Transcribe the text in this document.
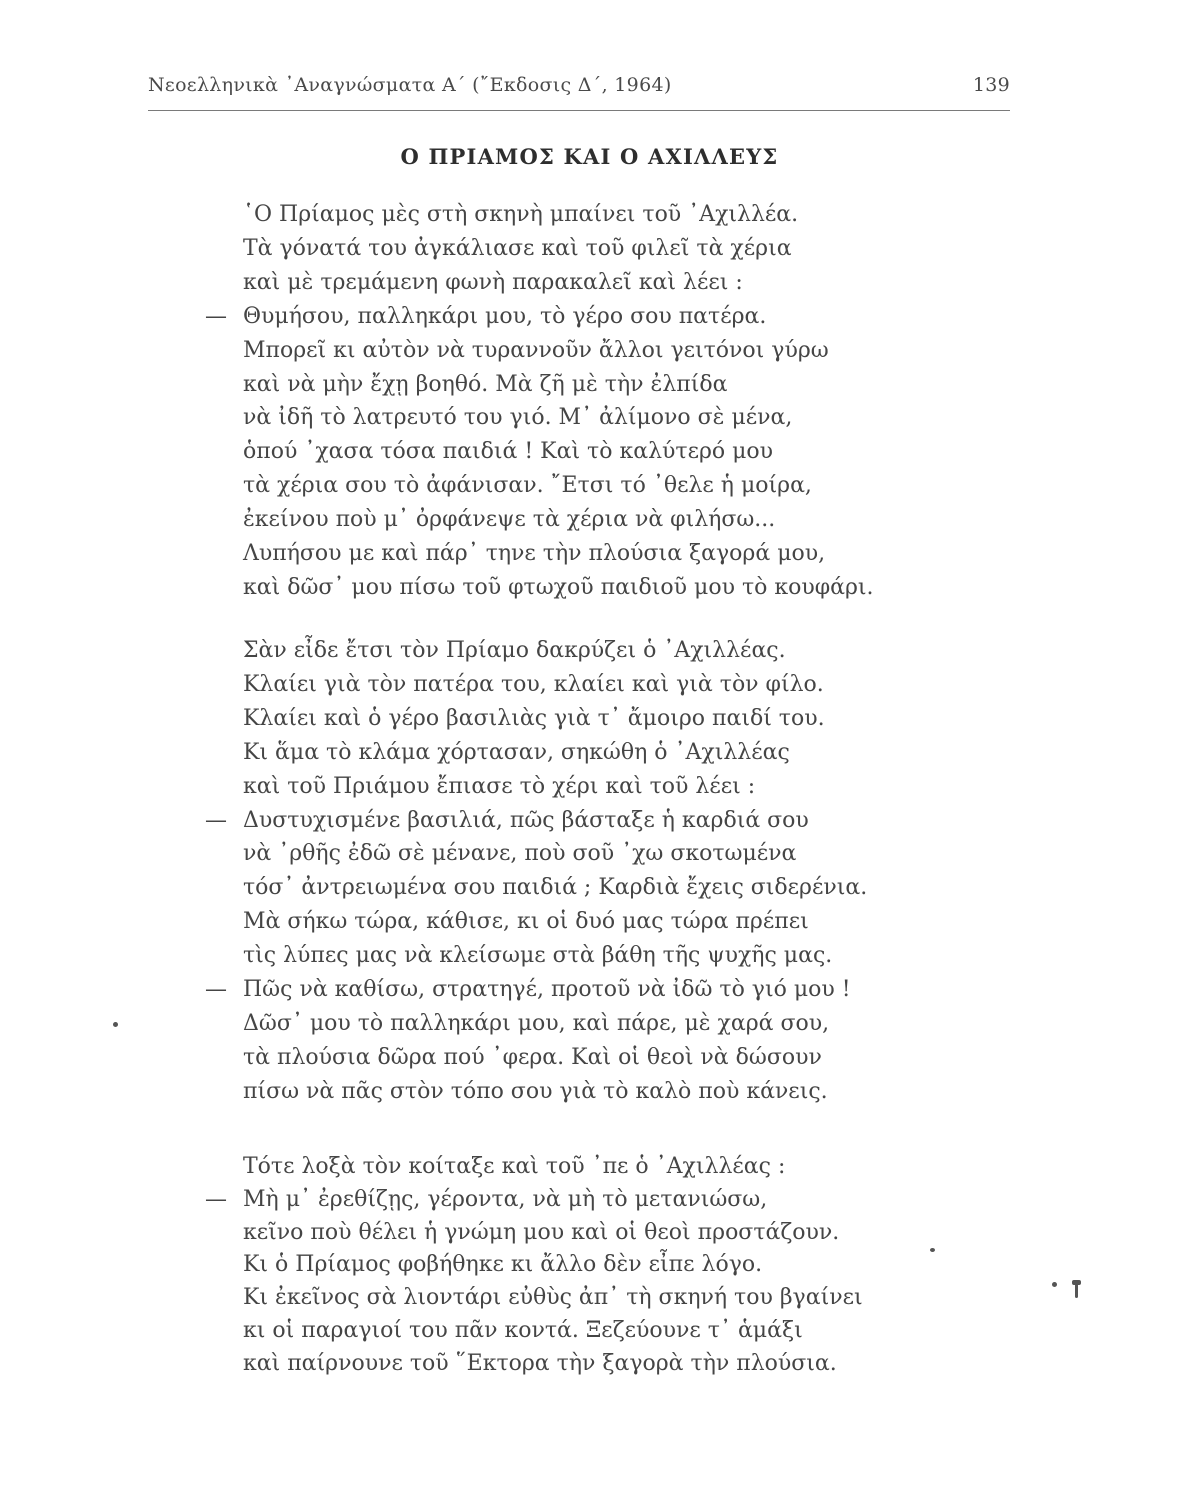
Νεοελληνικὰ ᾿Αναγνώσματα Α΄ (῎Εκδοσις Δ΄, 1964)	139
Ο ΠΡΙΑΜΟΣ ΚΑΙ Ο ΑΧΙΛΛΕΥΣ
῾Ο Πρίαμος μὲς στὴ σκηνὴ μπαίνει τοῦ ᾿Αχιλλέα.
Τὰ γόνατά του ἀγκάλιασε καὶ τοῦ φιλεῖ τὰ χέρια
καὶ μὲ τρεμάμενη φωνὴ παρακαλεῖ καὶ λέει :
— Θυμήσου, παλληκάρι μου, τὸ γέρο σου πατέρα.
Μπορεῖ κι αὐτὸν νὰ τυραννοῦν ἄλλοι γειτόνοι γύρω
καὶ νὰ μὴν ἔχῃ βοηθό. Μὰ ζῆ μὲ τὴν ἐλπίδα
νὰ ἰδῆ τὸ λατρευτό του γιό. Μ᾿ ἀλίμονο σὲ μένα,
ὁπού ᾿χασα τόσα παιδιά ! Καὶ τὸ καλύτερό μου
τὰ χέρια σου τὸ ἀφάνισαν. ῎Ετσι τό ᾿θελε ἡ μοίρα,
ἐκείνου ποὺ μ᾿ ὀρφάνεψε τὰ χέρια νὰ φιλήσω...
Λυπήσου με καὶ πάρ᾿ τηνε τὴν πλούσια ξαγορά μου,
καὶ δῶσ᾿ μου πίσω τοῦ φτωχοῦ παιδιοῦ μου τὸ κουφάρι.
Σὰν εἶδε ἔτσι τὸν Πρίαμο δακρύζει ὁ ᾿Αχιλλέας.
Κλαίει γιὰ τὸν πατέρα του, κλαίει καὶ γιὰ τὸν φίλο.
Κλαίει καὶ ὁ γέρο βασιλιὰς γιὰ τ᾿ ἄμοιρο παιδί του.
Κι ἅμα τὸ κλάμα χόρτασαν, σηκώθη ὁ ᾿Αχιλλέας
καὶ τοῦ Πριάμου ἔπιασε τὸ χέρι καὶ τοῦ λέει :
— Δυστυχισμένε βασιλιά, πῶς βάσταξε ἡ καρδιά σου
νὰ ᾿ρθῆς ἐδῶ σὲ μένανε, ποὺ σοῦ ᾿χω σκοτωμένα
τόσ᾿ ἀντρειωμένα σου παιδιά ; Καρδιὰ ἔχεις σιδερένια.
Μὰ σήκω τώρα, κάθισε, κι οἱ δυό μας τώρα πρέπει
τὶς λύπες μας νὰ κλείσωμε στὰ βάθη τῆς ψυχῆς μας.
— Πῶς νὰ καθίσω, στρατηγέ, προτοῦ νὰ ἰδῶ τὸ γιό μου !
Δῶσ᾿ μου τὸ παλληκάρι μου, καὶ πάρε, μὲ χαρά σου,
τὰ πλούσια δῶρα πού ᾿φερα. Καὶ οἱ θεοὶ νὰ δώσουν
πίσω νὰ πᾶς στὸν τόπο σου γιὰ τὸ καλὸ ποὺ κάνεις.
Τότε λοξὰ τὸν κοίταξε καὶ τοῦ ᾿πε ὁ ᾿Αχιλλέας :
— Μὴ μ᾿ ἐρεθίζῃς, γέροντα, νὰ μὴ τὸ μετανιώσω,
κεῖνο ποὺ θέλει ἡ γνώμη μου καὶ οἱ θεοὶ προστάζουν.
Κι ὁ Πρίαμος φοβήθηκε κι ἄλλο δὲν εἶπε λόγο.
Κι ἐκεῖνος σὰ λιοντάρι εὐθὺς ἀπ᾿ τὴ σκηνή του βγαίνει
κι οἱ παραγιοί του πᾶν κοντά. Ξεζεύουνε τ᾿ ἁμάξι
καὶ παίρνουνε τοῦ ῞Εκτορα τὴν ξαγορὰ τὴν πλούσια.
